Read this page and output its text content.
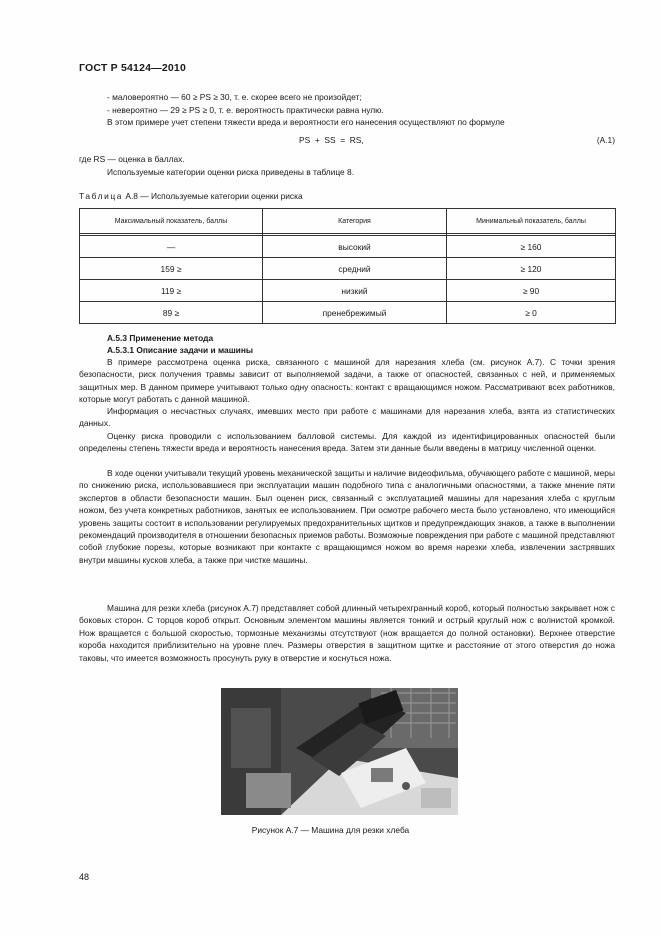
ГОСТ Р 54124—2010
- маловероятно — 60 ≥ PS ≥ 30, т. е. скорее всего не произойдет;
- невероятно — 29 ≥ PS ≥ 0, т. е. вероятность практически равна нулю.
В этом примере учет степени тяжести вреда и вероятности его нанесения осуществляют по формуле
PS  +  SS  =  RS,	(А.1)
где RS — оценка в баллах.
Используемые категории оценки риска приведены в таблице 8.
Таблица А.8 — Используемые категории оценки риска
Максимальный показатель, баллы	Категория	Минимальный показатель, баллы

—	высокий	≥ 160
159 ≥	средний	≥ 120
119 ≥	низкий	≥ 90
89 ≥	пренебрежимый	≥ 0
А.5.3 Применение метода
А.5.3.1 Описание задачи и машины

В примере рассмотрена оценка риска, связанного с машиной для нарезания хлеба (см. рисунок А.7). С точки зрения безопасности, риск получения травмы зависит от выполняемой задачи, а также от опасностей, связанных с ней, и применяемых защитных мер. В данном примере учитывают только одну опасность: контакт с вращающимся ножом. Рассматривают всех работников, которые могут работать с данной машиной.

Информация о несчастных случаях, имевших место при работе с машинами для нарезания хлеба, взята из статистических данных.

Оценку риска проводили с использованием балловой системы. Для каждой из идентифицированных опасностей были определены степень тяжести вреда и вероятность нанесения вреда. Затем эти данные были введены в матрицу численной оценки.

В ходе оценки учитывали текущий уровень механической защиты и наличие видеофильма, обучающего работе с машиной, меры по снижению риска, использовавшиеся при эксплуатации машин подобного типа с аналогичными опасностями, а также мнение пяти экспертов в области безопасности машин. Был оценен риск, связанный с эксплуатацией машины для нарезания хлеба с круглым ножом, без учета конкретных работников, занятых ее использованием. При осмотре рабочего места было установлено, что имеющийся уровень защиты состоит в использовании регулируемых предохранительных щитков и предупреждающих знаков, а также в выполнении рекомендаций производителя в отношении безопасных приемов работы. Возможные повреждения при работе с машиной представляют собой глубокие порезы, которые возникают при контакте с вращающимся ножом во время нарезки хлеба, извлечении застрявших внутри машины кусков хлеба, а также при чистке машины.

Машина для резки хлеба (рисунок А.7) представляет собой длинный четырехгранный короб, который полностью закрывает нож с боковых сторон. С торцов короб открыт. Основным элементом машины является тонкий и острый круглый нож с волнистой кромкой. Нож вращается с большой скоростью, тормозные механизмы отсутствуют (нож вращается до полной остановки). Верхнее отверстие короба находится приблизительно на уровне плеч. Размеры отверстия в защитном щитке и расстояние от этого отверстия до ножа таковы, что имеется возможность просунуть руку в отверстие и коснуться ножа.

Рисунок А.7 — Машина для резки хлеба
48
